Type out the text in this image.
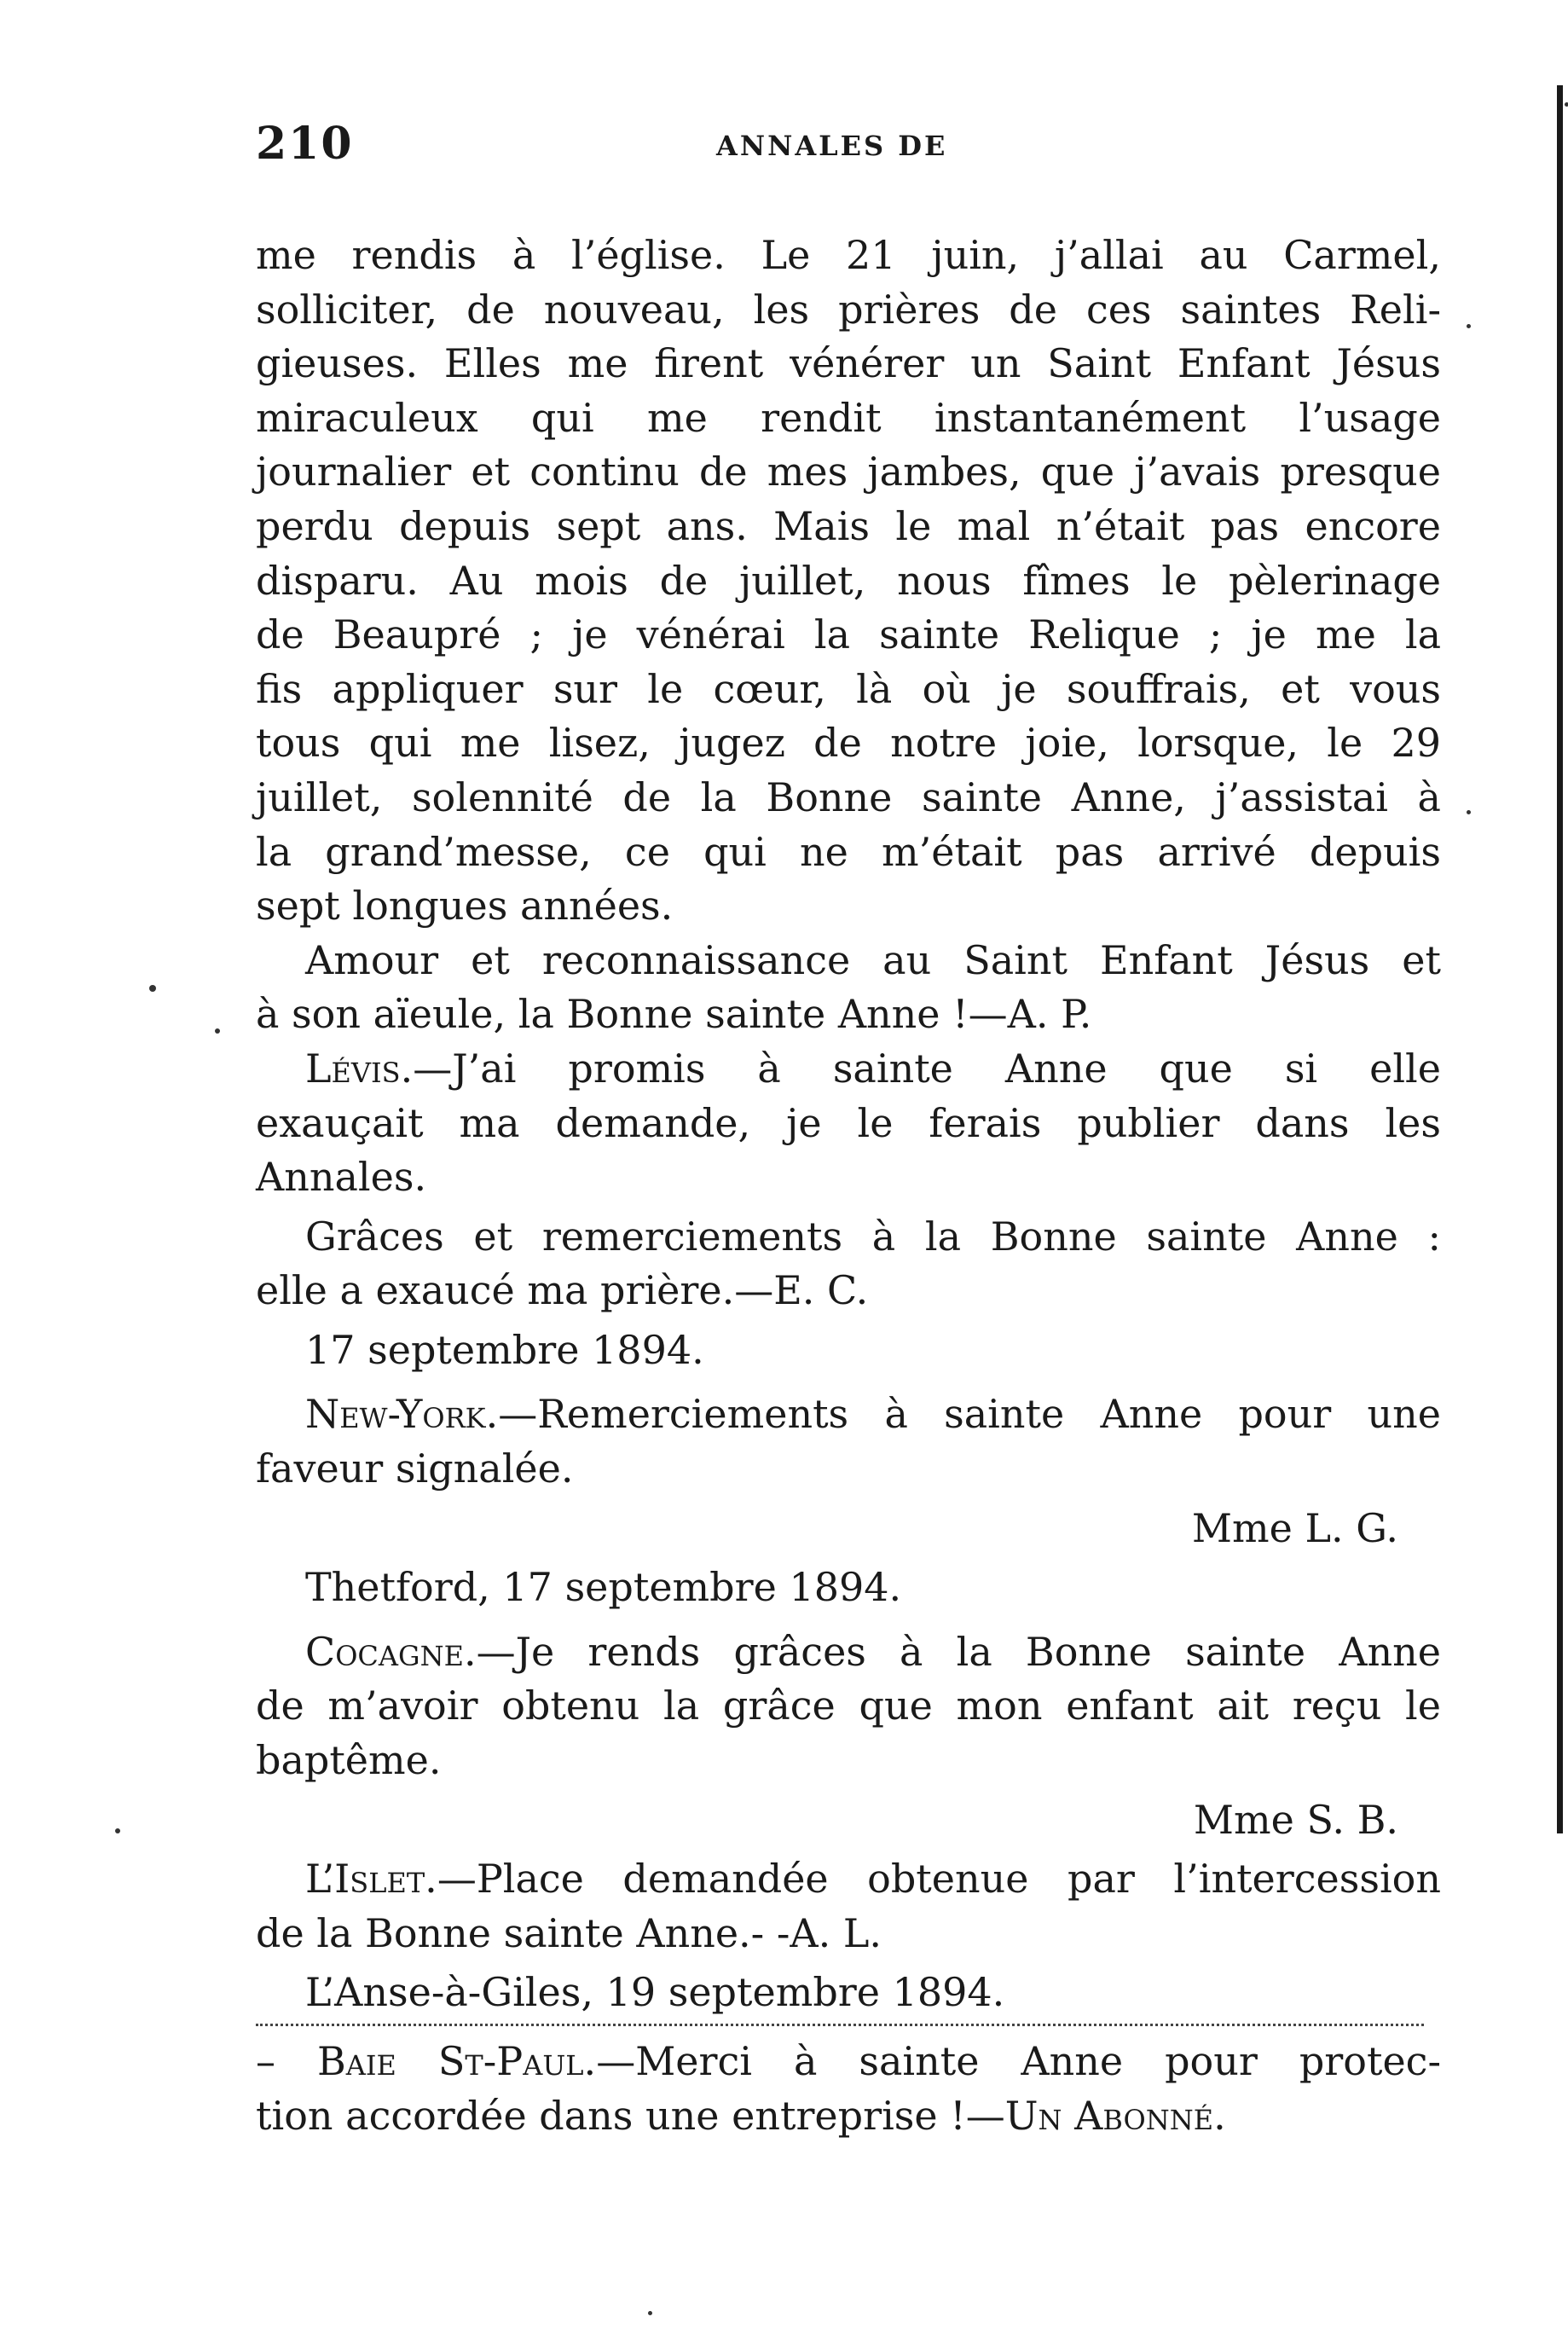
210	ANNALES DE
me rendis à l’église. Le 21 juin, j’allai au Carmel,
solliciter, de nouveau, les prières de ces saintes Reli-
gieuses. Elles me firent vénérer un Saint Enfant Jésus
miraculeux qui me rendit instantanément l’usage
journalier et continu de mes jambes, que j’avais presque
perdu depuis sept ans. Mais le mal n’était pas encore
disparu. Au mois de juillet, nous fîmes le pèlerinage
de Beaupré ; je vénérai la sainte Relique ; je me la
fis appliquer sur le cœur, là où je souffrais, et vous
tous qui me lisez, jugez de notre joie, lorsque, le 29
juillet, solennité de la Bonne sainte Anne, j’assistai à
la grand’messe, ce qui ne m’était pas arrivé depuis
sept longues années.
Amour et reconnaissance au Saint Enfant Jésus et
à son aïeule, la Bonne sainte Anne !—A. P.
Lévis.—J’ai promis à sainte Anne que si elle
exauçait ma demande, je le ferais publier dans les
Annales.
Grâces et remerciements à la Bonne sainte Anne :
elle a exaucé ma prière.—E. C.
17 septembre 1894.
New-York.—Remerciements à sainte Anne pour une
faveur signalée.
Mme L. G.
Thetford, 17 septembre 1894.
Cocagne.—Je rends grâces à la Bonne sainte Anne
de m’avoir obtenu la grâce que mon enfant ait reçu le
baptême.
Mme S. B.
L’Islet.—Place demandée obtenue par l’intercession
de la Bonne sainte Anne.- -A. L.
L’Anse-à-Giles, 19 septembre 1894.
– Baie St-Paul.—Merci à sainte Anne pour protec-
tion accordée dans une entreprise !—Un Abonné.
